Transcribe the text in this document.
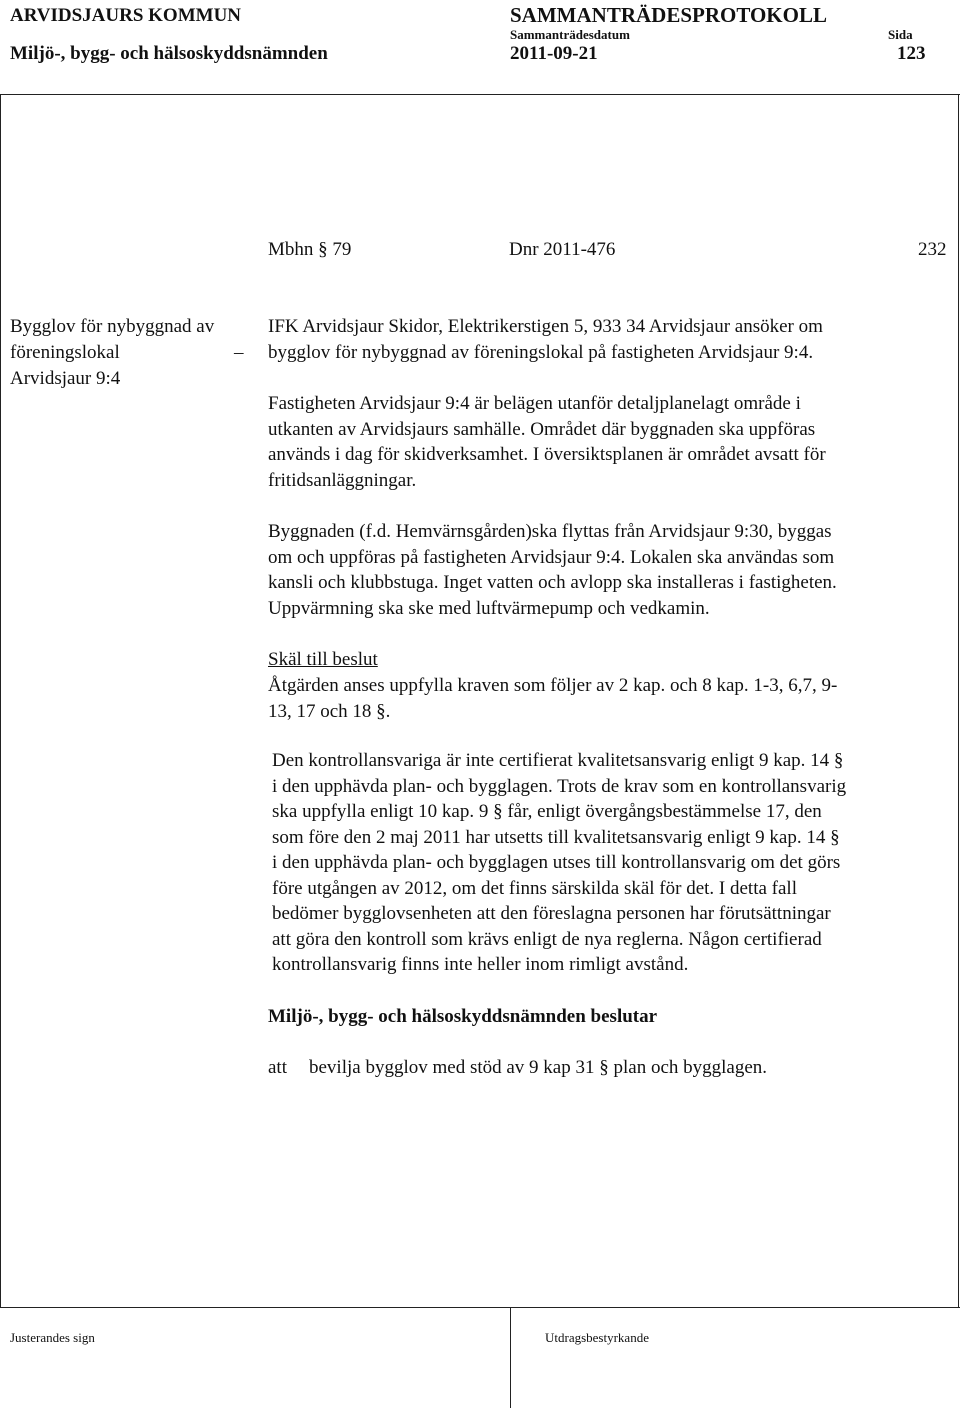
ARVIDSJAURS KOMMUN
Miljö-, bygg- och hälsoskyddsnämnden
SAMMANTRÄDESPROTOKOLL
Sammanträdesdatum
2011-09-21
Sida
123
Mbhn § 79	Dnr 2011-476	232
Bygglov för nybyggnad av
föreningslokal	–
Arvidsjaur 9:4

IFK Arvidsjaur Skidor, Elektrikerstigen 5, 933 34 Arvidsjaur ansöker om

bygglov för nybyggnad av föreningslokal på fastigheten Arvidsjaur 9:4.

Fastigheten Arvidsjaur 9:4 är belägen utanför detaljplanelagt område i

utkanten av Arvidsjaurs samhälle. Området där byggnaden ska uppföras

används i dag för skidverksamhet. I översiktsplanen är området avsatt för

fritidsanläggningar.

Byggnaden (f.d. Hemvärnsgården)ska flyttas från Arvidsjaur 9:30, byggas

om och uppföras på fastigheten Arvidsjaur 9:4. Lokalen ska användas som

kansli och klubbstuga. Inget vatten och avlopp ska installeras i fastigheten.

Uppvärmning ska ske med luftvärmepump och vedkamin.

Skäl till beslut

Åtgärden anses uppfylla kraven som följer av 2 kap. och 8 kap. 1-3, 6,7, 9-

13, 17 och 18 §.

Den kontrollansvariga är inte certifierat kvalitetsansvarig enligt 9 kap. 14 §

i den upphävda plan- och bygglagen. Trots de krav som en kontrollansvarig

ska uppfylla enligt 10 kap. 9 § får, enligt övergångsbestämmelse 17, den

som före den 2 maj 2011 har utsetts till kvalitetsansvarig enligt 9 kap. 14 §

i den upphävda plan- och bygglagen utses till kontrollansvarig om det görs

före utgången av 2012, om det finns särskilda skäl för det. I detta fall

bedömer bygglovsenheten att den föreslagna personen har förutsättningar

att göra den kontroll som krävs enligt de nya reglerna. Någon certifierad

kontrollansvarig finns inte heller inom rimligt avstånd.

Miljö-, bygg- och hälsoskyddsnämnden beslutar
att bevilja bygglov med stöd av 9 kap 31 § plan och bygglagen.
Justerandes sign	Utdragsbestyrkande
